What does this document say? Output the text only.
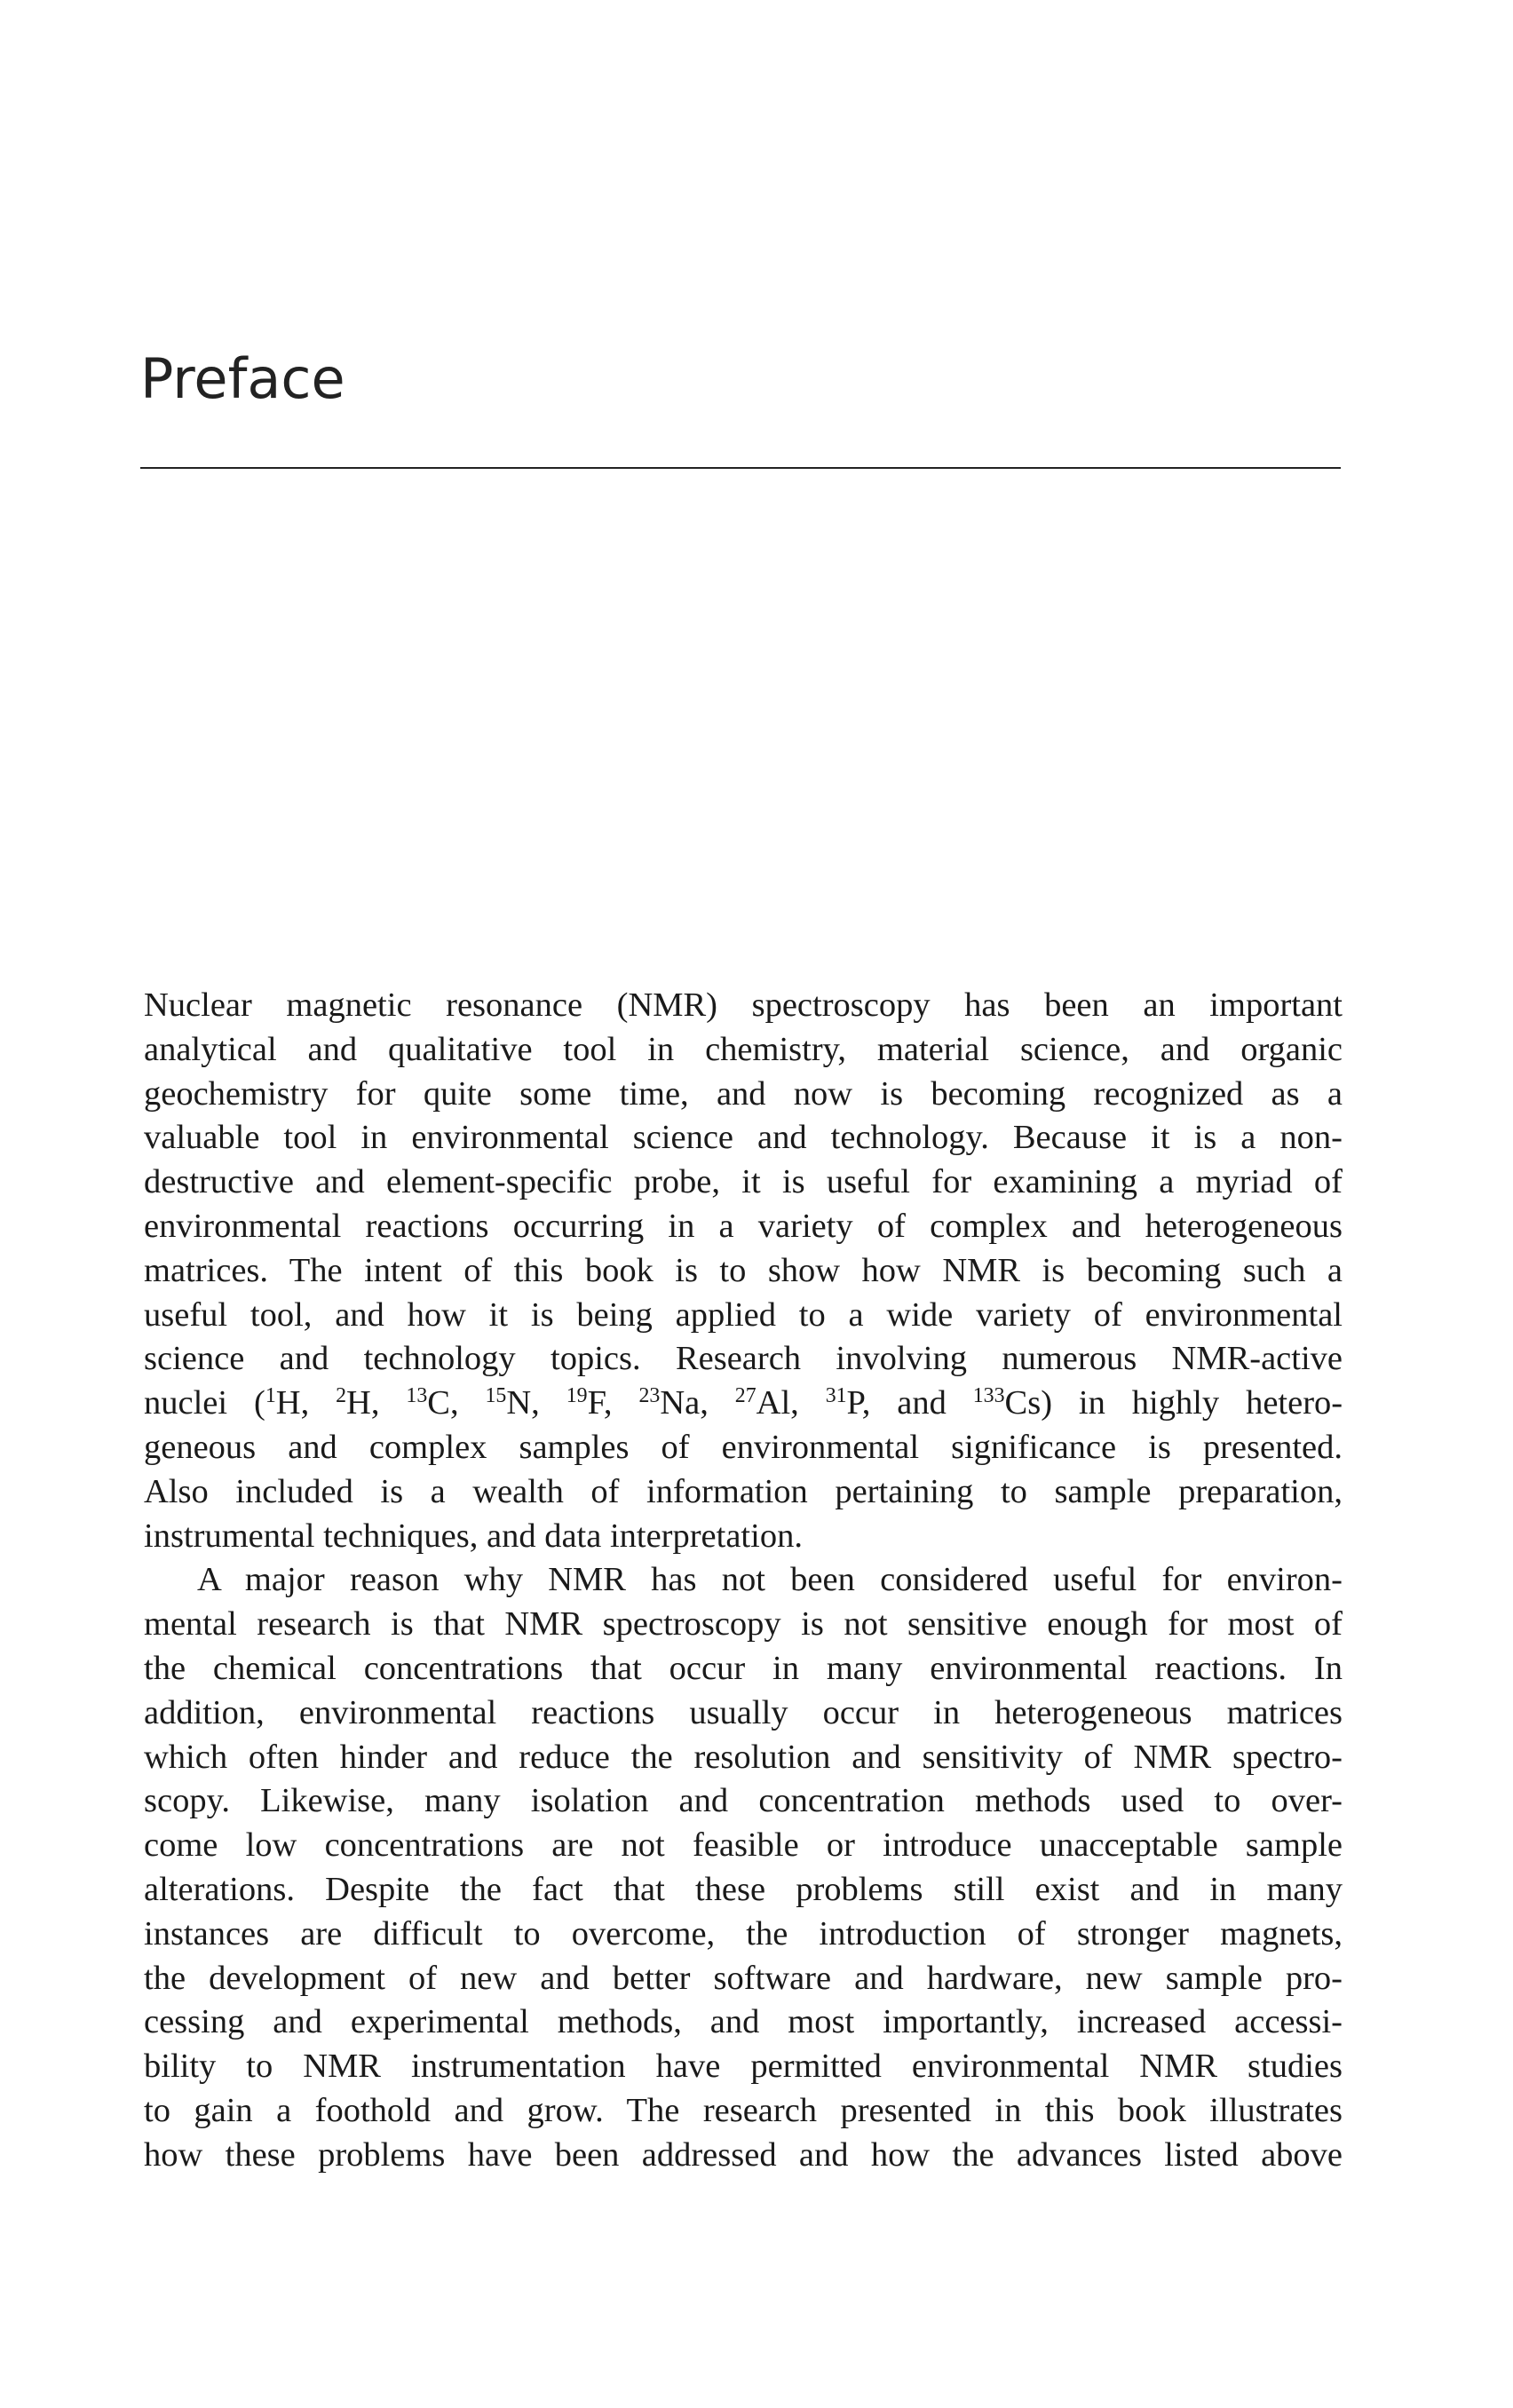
Preface
Nuclear magnetic resonance (NMR) spectroscopy has been an important
analytical and qualitative tool in chemistry, material science, and organic
geochemistry for quite some time, and now is becoming recognized as a
valuable tool in environmental science and technology. Because it is a non-
destructive and element-specific probe, it is useful for examining a myriad of
environmental reactions occurring in a variety of complex and heterogeneous
matrices. The intent of this book is to show how NMR is becoming such a
useful tool, and how it is being applied to a wide variety of environmental
science and technology topics. Research involving numerous NMR-active
nuclei ($^1$H, $^2$H, $^{13}$C, $^{15}$N, $^{19}$F, $^{23}$Na, $^{27}$Al, $^{31}$P, and $^{133}$Cs) in highly hetero-
geneous and complex samples of environmental significance is presented.
Also included is a wealth of information pertaining to sample preparation,
instrumental techniques, and data interpretation.
A major reason why NMR has not been considered useful for environ-
mental research is that NMR spectroscopy is not sensitive enough for most of
the chemical concentrations that occur in many environmental reactions. In
addition, environmental reactions usually occur in heterogeneous matrices
which often hinder and reduce the resolution and sensitivity of NMR spectro-
scopy. Likewise, many isolation and concentration methods used to over-
come low concentrations are not feasible or introduce unacceptable sample
alterations. Despite the fact that these problems still exist and in many
instances are difficult to overcome, the introduction of stronger magnets,
the development of new and better software and hardware, new sample pro-
cessing and experimental methods, and most importantly, increased accessi-
bility to NMR instrumentation have permitted environmental NMR studies
to gain a foothold and grow. The research presented in this book illustrates
how these problems have been addressed and how the advances listed above
